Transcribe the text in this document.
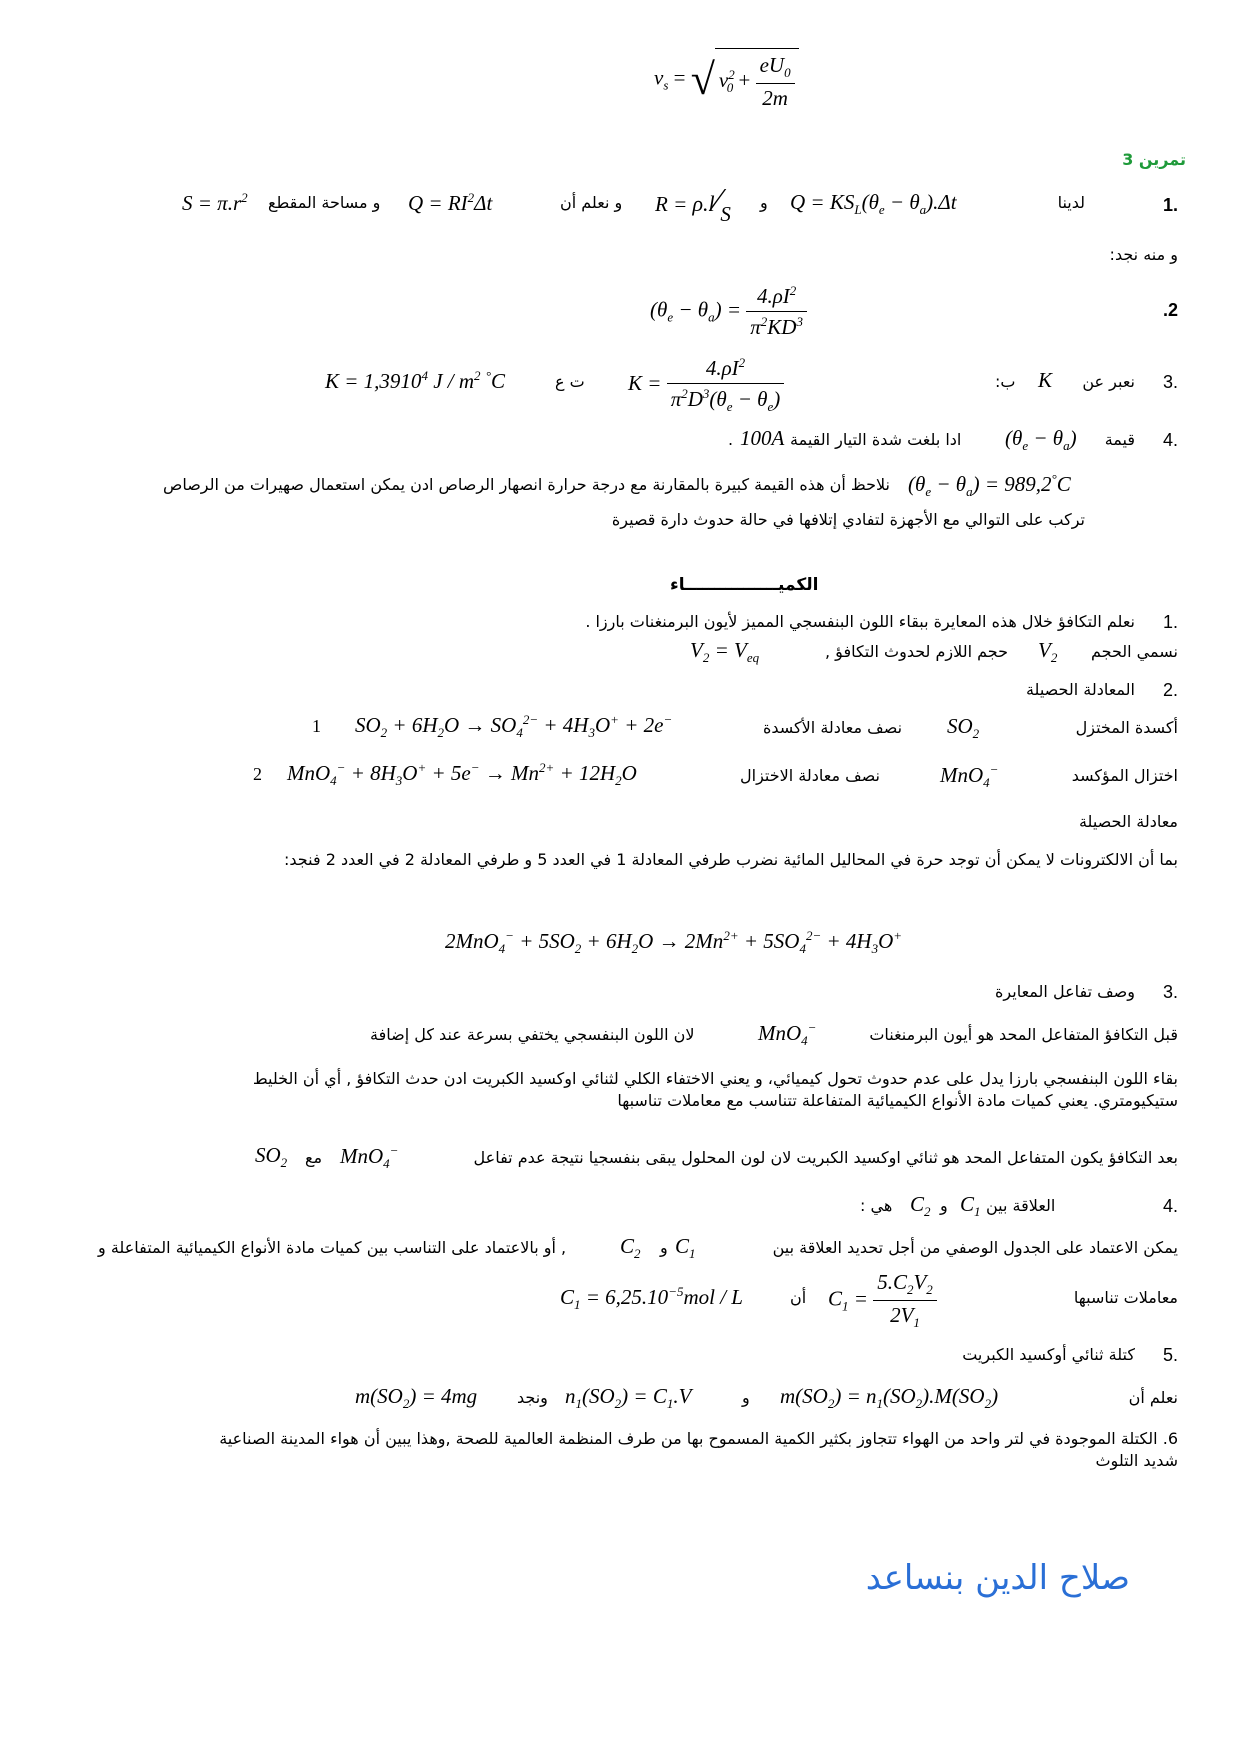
$v_s$ = √ $v^2_0 + \frac{eU_0}{2m}$
تمرين 3
1.
لدينا
$Q = KS_L(\theta_e - \theta_a).\Delta t$
و
R = ρ.l⁄S
و نعلم أن
$Q = RI^2\Delta t$
و مساحة المقطع
$S = \pi.r^2$
و منه نجد:
.2
$(\theta_e - \theta_a) = \frac{4.\rho I^2}{\pi^2KD^3}$
3.
نعبر عن
K
ب:
$K = \frac{4.\rho I^2}{\pi^2D^3(\theta_e - \theta_e)}$
ت ع
$K = 1,3910^4$ J / $m^2$ °C
4.
قيمة
$(\theta_e - \theta_a)$
ادا بلغت شدة التيار القيمة
100A
.
$(\theta_e - \theta_a) = 989,2^\circ C$
نلاحظ أن هذه القيمة كبيرة بالمقارنة مع درجة حرارة انصهار الرصاص ادن يمكن استعمال صهيرات من الرصاص
تركب على التوالي مع الأجهزة لتفادي إتلافها في حالة حدوث دارة قصيرة
الكميــــــــــــــــاء
1.
نعلم التكافؤ خلال هذه المعايرة ببقاء اللون البنفسجي المميز لأيون البرمنغنات بارزا .
نسمي الحجم
$V_2$
حجم اللازم لحدوث التكافؤ ,
$V_2 = V_{eq}$
2.
المعادلة الحصيلة
أكسدة المختزل
$SO_2$
نصف معادلة الأكسدة
$SO_2 + 6H_2O \to SO_4^{2-} + 4H_3O^+ + 2e^-$
1
اختزال المؤكسد
MnO$_4$−
نصف معادلة الاختزال
$MnO_4^- + 8H_3O^+ + 5e^- \to Mn^{2+} + 12H_2O$
2
معادلة الحصيلة
بما أن الالكترونات لا يمكن أن توجد حرة في المحاليل المائية نضرب طرفي المعادلة 1 في العدد 5 و طرفي المعادلة 2 في العدد 2 فنجد:
$2MnO_4^- + 5SO_2 + 6H_2O \to 2Mn^{2+} + 5SO_4^{2-} + 4H_3O^+$
3.
وصف تفاعل المعايرة
قبل التكافؤ المتفاعل المحد هو أيون البرمنغنات
MnO$_4$−
لان اللون البنفسجي يختفي بسرعة عند كل إضافة
بقاء اللون البنفسجي بارزا يدل على عدم حدوث تحول كيميائي، و يعني الاختفاء الكلي لثنائي اوكسيد الكبريت ادن حدث التكافؤ , أي أن الخليط
ستيكيومتري. يعني كميات مادة الأنواع الكيميائية المتفاعلة تتناسب مع معاملات تناسبها
بعد التكافؤ يكون المتفاعل المحد هو ثنائي اوكسيد الكبريت لان لون المحلول يبقى بنفسجيا نتيجة عدم تفاعل
MnO$_4$−
مع
$SO_2$
4.
العلاقة بين
$C_1$
و
$C_2$
هي :
يمكن الاعتماد على الجدول الوصفي من أجل تحديد العلاقة بين
$C_1$
و
$C_2$
, أو بالاعتماد على التناسب بين كميات مادة الأنواع الكيميائية المتفاعلة و
معاملات تناسبها
$C_1 = \frac{5.C_2V_2}{2V_1}$
أن
$C_1 = 6,25.10^{-5}mol / L$
5.
كتلة ثنائي أوكسيد الكبريت
نعلم أن
$m(SO_2) = n_1(SO_2).M(SO_2)$
و
$n_1(SO_2) = C_1.V$
ونجد
$m(SO_2) = 4mg$
6. الكتلة الموجودة في لتر واحد من الهواء تتجاوز بكثير الكمية المسموح بها من طرف المنظمة العالمية للصحة ,وهذا يبين أن هواء المدينة الصناعية
شديد التلوث
صلاح الدين بنساعد
